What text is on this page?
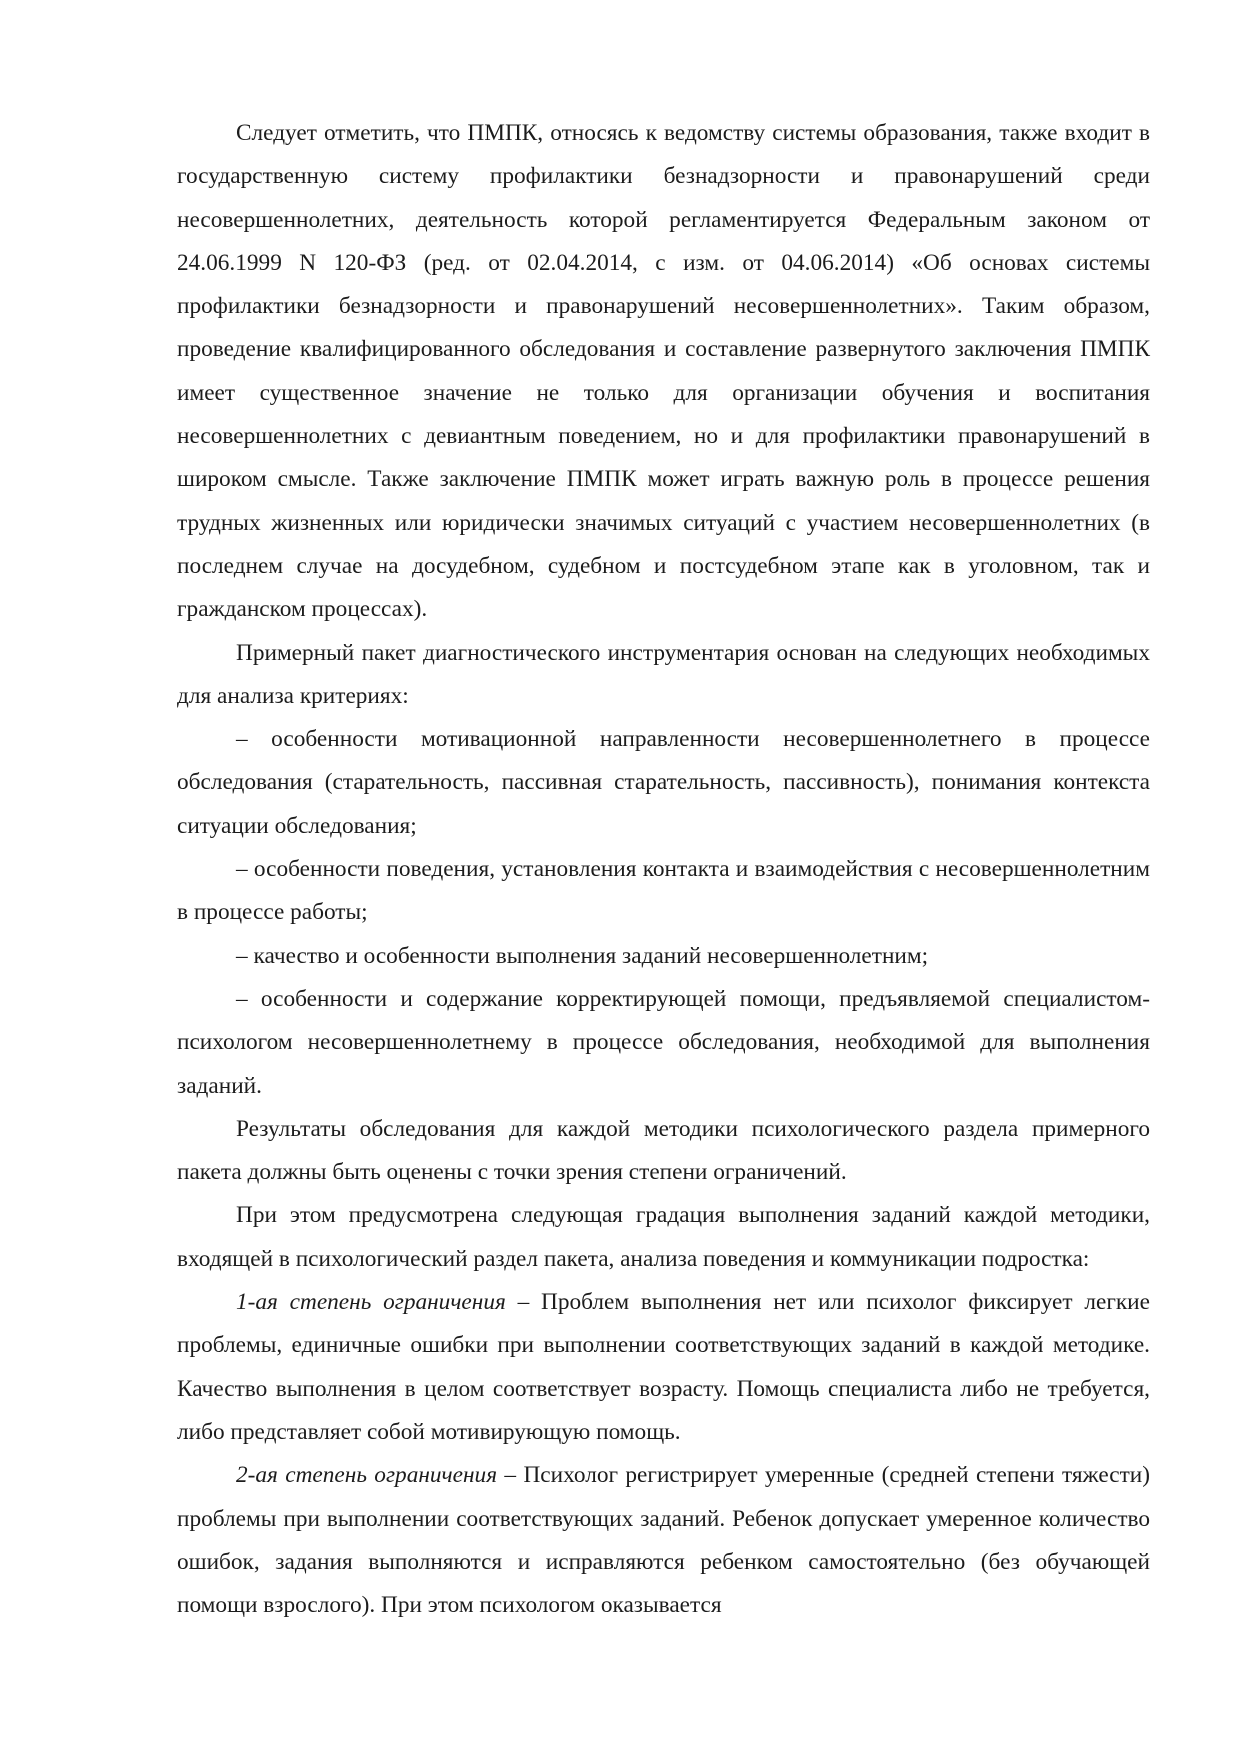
Следует отметить, что ПМПК, относясь к ведомству системы образования, также входит в государственную систему профилактики безнадзорности и правонарушений среди несовершеннолетних, деятельность которой регламентируется Федеральным законом от 24.06.1999 N 120-ФЗ (ред. от 02.04.2014, с изм. от 04.06.2014) «Об основах системы профилактики безнадзорности и правонарушений несовершеннолетних». Таким образом, проведение квалифицированного обследования и составление развернутого заключения ПМПК имеет существенное значение не только для организации обучения и воспитания несовершеннолетних с девиантным поведением, но и для профилактики правонарушений в широком смысле. Также заключение ПМПК может играть важную роль в процессе решения трудных жизненных или юридически значимых ситуаций с участием несовершеннолетних (в последнем случае на досудебном, судебном и постсудебном этапе как в уголовном, так и гражданском процессах).

Примерный пакет диагностического инструментария основан на следующих необходимых для анализа критериях:

– особенности мотивационной направленности несовершеннолетнего в процессе обследования (старательность, пассивная старательность, пассивность), понимания контекста ситуации обследования;

– особенности поведения, установления контакта и взаимодействия с несовершеннолетним в процессе работы;

– качество и особенности выполнения заданий несовершеннолетним;

– особенности и содержание корректирующей помощи, предъявляемой специалистом-психологом несовершеннолетнему в процессе обследования, необходимой для выполнения заданий.

Результаты обследования для каждой методики психологического раздела примерного пакета должны быть оценены с точки зрения степени ограничений.

При этом предусмотрена следующая градация выполнения заданий каждой методики, входящей в психологический раздел пакета, анализа поведения и коммуникации подростка:

1-ая степень ограничения – Проблем выполнения нет или психолог фиксирует легкие проблемы, единичные ошибки при выполнении соответствующих заданий в каждой методике. Качество выполнения в целом соответствует возрасту. Помощь специалиста либо не требуется, либо представляет собой мотивирующую помощь.

2-ая степень ограничения – Психолог регистрирует умеренные (средней степени тяжести) проблемы при выполнении соответствующих заданий. Ребенок допускает умеренное количество ошибок, задания выполняются и исправляются ребенком самостоятельно (без обучающей помощи взрослого). При этом психологом оказывается
